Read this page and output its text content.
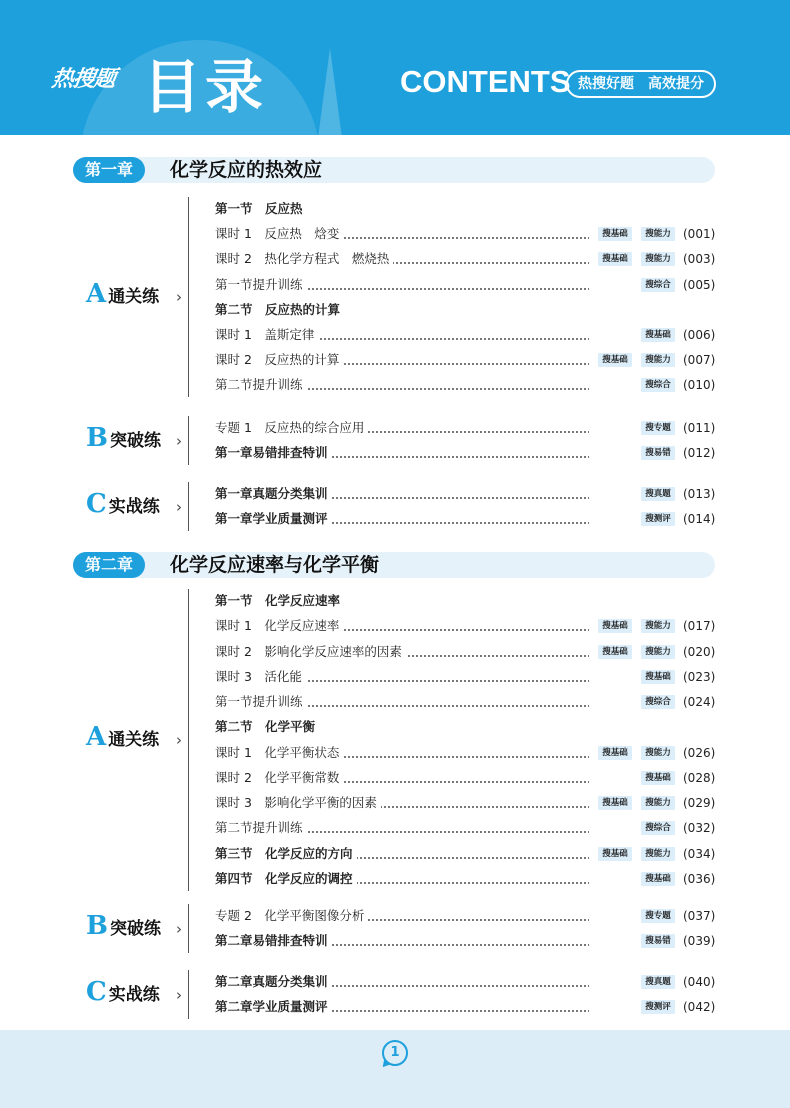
热搜题 目录	CONTENTS 热搜好题 高效提分
第一章	化学反应的热效应
A 通关练 ›
第一节　反应热
课时 1　反应热　焓变	搜基础	搜能力	(001)
课时 2　热化学方程式　燃烧热	搜基础	搜能力	(003)
第一节提升训练	搜综合	(005)
第二节　反应热的计算
课时 1　盖斯定律	搜基础	(006)
课时 2　反应热的计算	搜基础	搜能力	(007)
第二节提升训练	搜综合	(010)
B 突破练 ›
专题 1　反应热的综合应用	搜专题	(011)
第一章易错排查特训	搜易错	(012)
C 实战练 ›
第一章真题分类集训	搜真题	(013)
第一章学业质量测评	搜测评	(014)
第二章	化学反应速率与化学平衡
A 通关练 ›
第一节　化学反应速率
课时 1　化学反应速率	搜基础	搜能力	(017)
课时 2　影响化学反应速率的因素	搜基础	搜能力	(020)
课时 3　活化能	搜基础	(023)
第一节提升训练	搜综合	(024)
第二节　化学平衡
课时 1　化学平衡状态	搜基础	搜能力	(026)
课时 2　化学平衡常数	搜基础	(028)
课时 3　影响化学平衡的因素	搜基础	搜能力	(029)
第二节提升训练	搜综合	(032)
第三节　化学反应的方向	搜基础	搜能力	(034)
第四节　化学反应的调控	搜基础	(036)
B 突破练 ›
专题 2　化学平衡图像分析	搜专题	(037)
第二章易错排查特训	搜易错	(039)
C 实战练 ›
第二章真题分类集训	搜真题	(040)
第二章学业质量测评	搜测评	(042)
1
